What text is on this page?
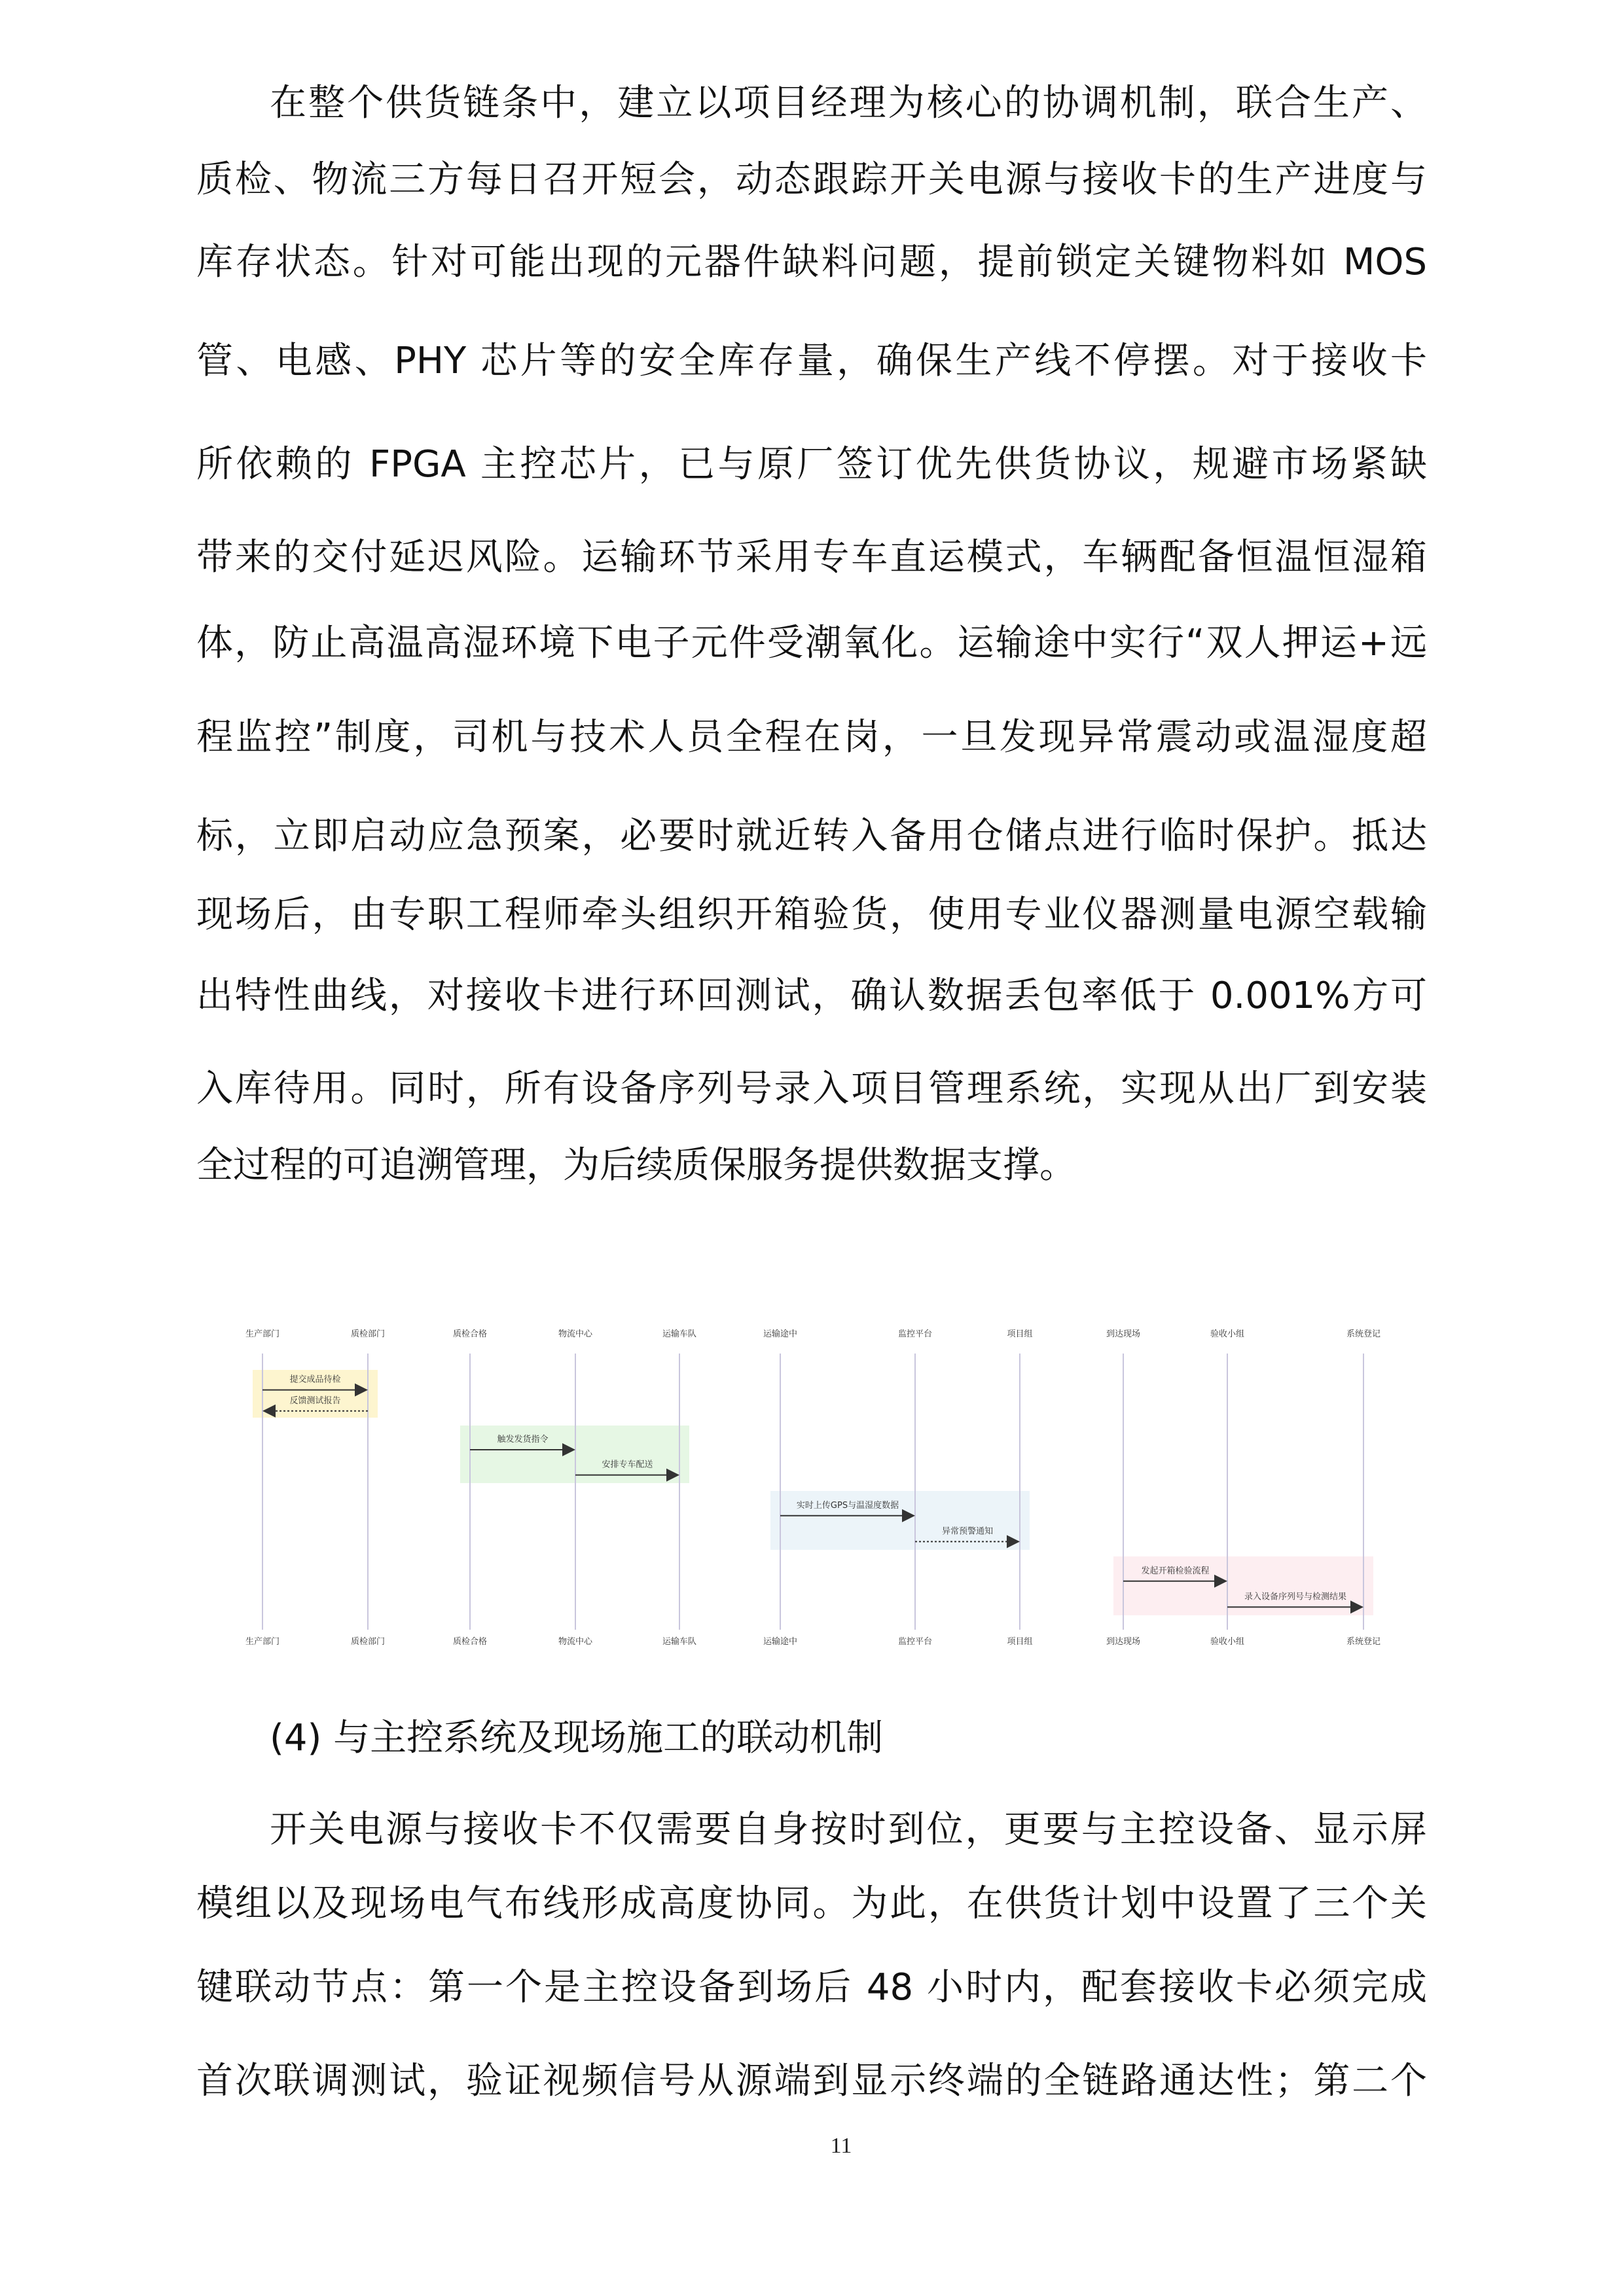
在整个供货链条中，建立以项目经理为核心的协调机制，联合生产、
质检、物流三方每日召开短会，动态跟踪开关电源与接收卡的生产进度与
库存状态。针对可能出现的元器件缺料问题，提前锁定关键物料如 MOS
管、电感、PHY 芯片等的安全库存量，确保生产线不停摆。对于接收卡
所依赖的 FPGA 主控芯片，已与原厂签订优先供货协议，规避市场紧缺
带来的交付延迟风险。运输环节采用专车直运模式，车辆配备恒温恒湿箱
体，防止高温高湿环境下电子元件受潮氧化。运输途中实行“双人押运+远
程监控”制度，司机与技术人员全程在岗，一旦发现异常震动或温湿度超
标，立即启动应急预案，必要时就近转入备用仓储点进行临时保护。抵达
现场后，由专职工程师牵头组织开箱验货，使用专业仪器测量电源空载输
出特性曲线，对接收卡进行环回测试，确认数据丢包率低于 0.001%方可
入库待用。同时，所有设备序列号录入项目管理系统，实现从出厂到安装
全过程的可追溯管理，为后续质保服务提供数据支撑。
生产部门
生产部门
质检部门
质检部门
提交成品待检
反馈测试报告
质检合格
质检合格
物流中心
物流中心
运输车队
运输车队
触发发货指令
安排专车配送
运输途中
运输途中
监控平台
监控平台
项目组
项目组
实时上传GPS与温湿度数据
异常预警通知
到达现场
到达现场
验收小组
验收小组
系统登记
系统登记
发起开箱检验流程
录入设备序列号与检测结果
(4) 与主控系统及现场施工的联动机制
开关电源与接收卡不仅需要自身按时到位，更要与主控设备、显示屏
模组以及现场电气布线形成高度协同。为此，在供货计划中设置了三个关
键联动节点：第一个是主控设备到场后 48 小时内，配套接收卡必须完成
首次联调测试，验证视频信号从源端到显示终端的全链路通达性；第二个
11
